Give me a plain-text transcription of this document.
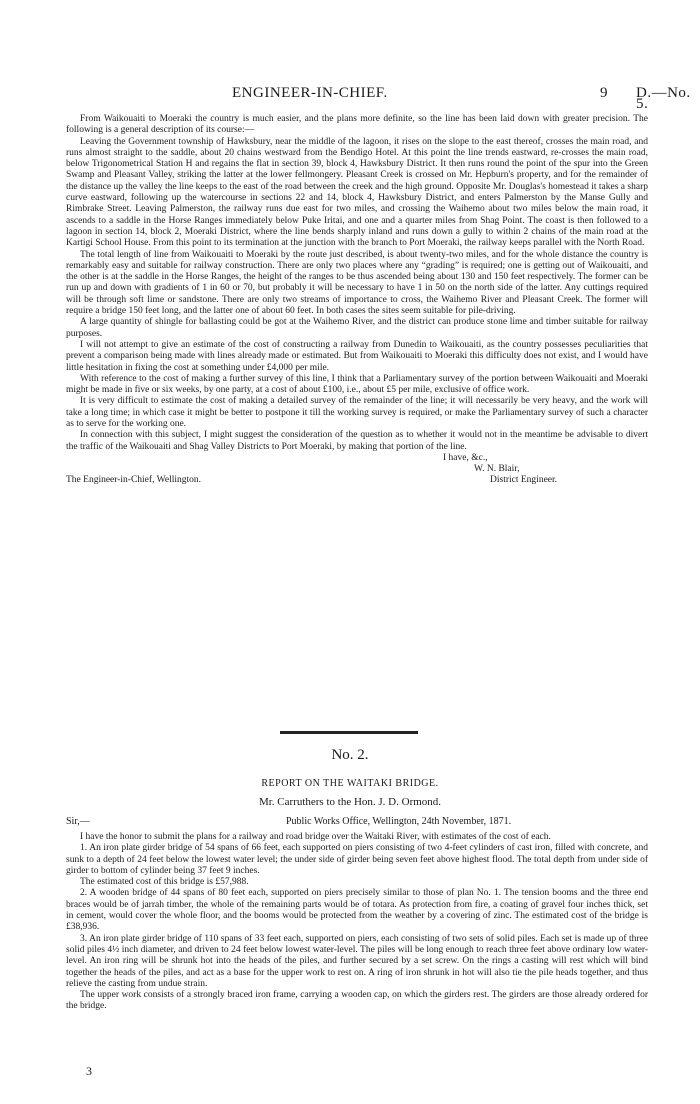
ENGINEER-IN-CHIEF.	9 D.—No. 5.

From Waikouaiti to Moeraki the country is much easier, and the plans more definite, so the line has been laid down with greater precision. The following is a general description of its course:—

Leaving the Government township of Hawksbury, near the middle of the lagoon, it rises on the slope to the east thereof, crosses the main road, and runs almost straight to the saddle, about 20 chains westward from the Bendigo Hotel. At this point the line trends eastward, re-crosses the main road, below Trigonometrical Station H and regains the flat in section 39, block 4, Hawksbury District. It then runs round the point of the spur into the Green Swamp and Pleasant Valley, striking the latter at the lower fellmongery. Pleasant Creek is crossed on Mr. Hepburn's property, and for the remainder of the distance up the valley the line keeps to the east of the road between the creek and the high ground. Opposite Mr. Douglas's homestead it takes a sharp curve eastward, following up the watercourse in sections 22 and 14, block 4, Hawksbury District, and enters Palmerston by the Manse Gully and Rimbrake Street. Leaving Palmerston, the railway runs due east for two miles, and crossing the Waihemo about two miles below the main road, it ascends to a saddle in the Horse Ranges immediately below Puke Iritai, and one and a quarter miles from Shag Point. The coast is then followed to a lagoon in section 14, block 2, Moeraki District, where the line bends sharply inland and runs down a gully to within 2 chains of the main road at the Kartigi School House. From this point to its termination at the junction with the branch to Port Moeraki, the railway keeps parallel with the North Road.

The total length of line from Waikouaiti to Moeraki by the route just described, is about twenty-two miles, and for the whole distance the country is remarkably easy and suitable for railway construction. There are only two places where any “grading” is required; one is getting out of Waikouaiti, and the other is at the saddle in the Horse Ranges, the height of the ranges to be thus ascended being about 130 and 150 feet respectively. The former can be run up and down with gradients of 1 in 60 or 70, but probably it will be necessary to have 1 in 50 on the north side of the latter. Any cuttings required will be through soft lime or sandstone. There are only two streams of importance to cross, the Waihemo River and Pleasant Creek. The former will require a bridge 150 feet long, and the latter one of about 60 feet. In both cases the sites seem suitable for pile-driving.

A large quantity of shingle for ballasting could be got at the Waihemo River, and the district can produce stone lime and timber suitable for railway purposes.

I will not attempt to give an estimate of the cost of constructing a railway from Dunedin to Waikouaiti, as the country possesses peculiarities that prevent a comparison being made with lines already made or estimated. But from Waikouaiti to Moeraki this difficulty does not exist, and I would have little hesitation in fixing the cost at something under £4,000 per mile.

With reference to the cost of making a further survey of this line, I think that a Parliamentary survey of the portion between Waikouaiti and Moeraki might be made in five or six weeks, by one party, at a cost of about £100, i.e., about £5 per mile, exclusive of office work.

It is very difficult to estimate the cost of making a detailed survey of the remainder of the line; it will necessarily be very heavy, and the work will take a long time; in which case it might be better to postpone it till the working survey is required, or make the Parliamentary survey of such a character as to serve for the working one.

In connection with this subject, I might suggest the consideration of the question as to whether it would not in the meantime be advisable to divert the traffic of the Waikouaiti and Shag Valley Districts to Port Moeraki, by making that portion of the line.

I have, &c.,
W. N. Blair,
The Engineer-in-Chief, Wellington.	District Engineer.
No. 2.
REPORT ON THE WAITAKI BRIDGE.
Mr. Carruthers to the Hon. J. D. Ormond.
Sir,—	Public Works Office, Wellington, 24th November, 1871.

I have the honor to submit the plans for a railway and road bridge over the Waitaki River, with estimates of the cost of each.

1. An iron plate girder bridge of 54 spans of 66 feet, each supported on piers consisting of two 4-feet cylinders of cast iron, filled with concrete, and sunk to a depth of 24 feet below the lowest water level; the under side of girder being seven feet above highest flood. The total depth from under side of girder to bottom of cylinder being 37 feet 9 inches.

The estimated cost of this bridge is £57,988.

2. A wooden bridge of 44 spans of 80 feet each, supported on piers precisely similar to those of plan No. 1. The tension booms and the three end braces would be of jarrah timber, the whole of the remaining parts would be of totara. As protection from fire, a coating of gravel four inches thick, set in cement, would cover the whole floor, and the booms would be protected from the weather by a covering of zinc. The estimated cost of the bridge is £38,936.

3. An iron plate girder bridge of 110 spans of 33 feet each, supported on piers, each consisting of two sets of solid piles. Each set is made up of three solid piles 4½ inch diameter, and driven to 24 feet below lowest water-level. The piles will be long enough to reach three feet above ordinary low water-level. An iron ring will be shrunk hot into the heads of the piles, and further secured by a set screw. On the rings a casting will rest which will bind together the heads of the piles, and act as a base for the upper work to rest on. A ring of iron shrunk in hot will also tie the pile heads together, and thus relieve the casting from undue strain.

The upper work consists of a strongly braced iron frame, carrying a wooden cap, on which the girders rest. The girders are those already ordered for the bridge.

3
